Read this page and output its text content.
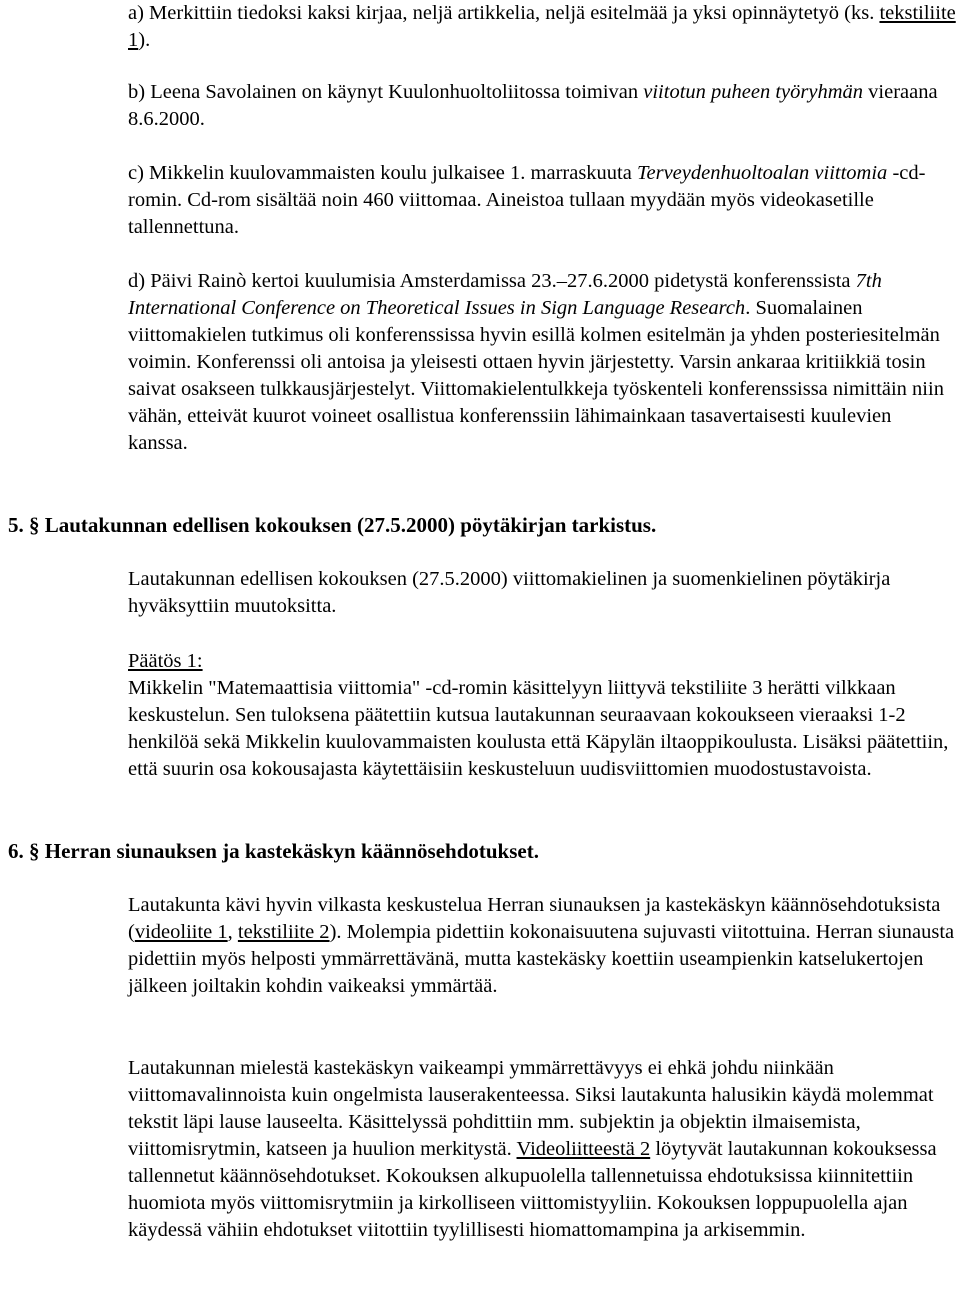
a) Merkittiin tiedoksi kaksi kirjaa, neljä artikkelia, neljä esitelmää ja yksi opinnäytetyö (ks. tekstiliite 1).

b) Leena Savolainen on käynyt Kuulonhuoltoliitossa toimivan viitotun puheen työryhmän vieraana 8.6.2000.

c) Mikkelin kuulovammaisten koulu julkaisee 1. marraskuuta Terveydenhuoltoalan viittomia -cd-romin. Cd-rom sisältää noin 460 viittomaa. Aineistoa tullaan myydään myös videokasetille tallennettuna.

d) Päivi Rainò kertoi kuulumisia Amsterdamissa 23.–27.6.2000 pidetystä konferenssista 7th International Conference on Theoretical Issues in Sign Language Research. Suomalainen viittomakielen tutkimus oli konferenssissa hyvin esillä kolmen esitelmän ja yhden posteriesitelmän voimin. Konferenssi oli antoisa ja yleisesti ottaen hyvin järjestetty. Varsin ankaraa kritiikkiä tosin saivat osakseen tulkkausjärjestelyt. Viittomakielentulkkeja työskenteli konferenssissa nimittäin niin vähän, etteivät kuurot voineet osallistua konferenssiin lähimainkaan tasavertaisesti kuulevien kanssa.

5. § Lautakunnan edellisen kokouksen (27.5.2000) pöytäkirjan tarkistus.

Lautakunnan edellisen kokouksen (27.5.2000) viittomakielinen ja suomenkielinen pöytäkirja hyväksyttiin muutoksitta.

Päätös 1:

Mikkelin "Matemaattisia viittomia" -cd-romin käsittelyyn liittyvä tekstiliite 3 herätti vilkkaan keskustelun. Sen tuloksena päätettiin kutsua lautakunnan seuraavaan kokoukseen vieraaksi 1-2 henkilöä sekä Mikkelin kuulovammaisten koulusta että Käpylän iltaoppikoulusta. Lisäksi päätettiin, että suurin osa kokousajasta käytettäisiin keskusteluun uudisviittomien muodostustavoista.

6. § Herran siunauksen ja kastekäskyn käännösehdotukset.

Lautakunta kävi hyvin vilkasta keskustelua Herran siunauksen ja kastekäskyn käännösehdotuksista (videoliite 1, tekstiliite 2). Molempia pidettiin kokonaisuutena sujuvasti viitottuina. Herran siunausta pidettiin myös helposti ymmärrettävänä, mutta kastekäsky koettiin useampienkin katselukertojen jälkeen joiltakin kohdin vaikeaksi ymmärtää.

Lautakunnan mielestä kastekäskyn vaikeampi ymmärrettävyys ei ehkä johdu niinkään viittomavalinnoista kuin ongelmista lauserakenteessa. Siksi lautakunta halusikin käydä molemmat tekstit läpi lause lauseelta. Käsittelyssä pohdittiin mm. subjektin ja objektin ilmaisemista, viittomisrytmin, katseen ja huulion merkitystä. Videoliitteestä 2 löytyvät lautakunnan kokouksessa tallennetut käännösehdotukset. Kokouksen alkupuolella tallennetuissa ehdotuksissa kiinnitettiin huomiota myös viittomisrytmiin ja kirkolliseen viittomistyyliin. Kokouksen loppupuolella ajan käydessä vähiin ehdotukset viitottiin tyylillisesti hiomattomampina ja arkisemmin.
